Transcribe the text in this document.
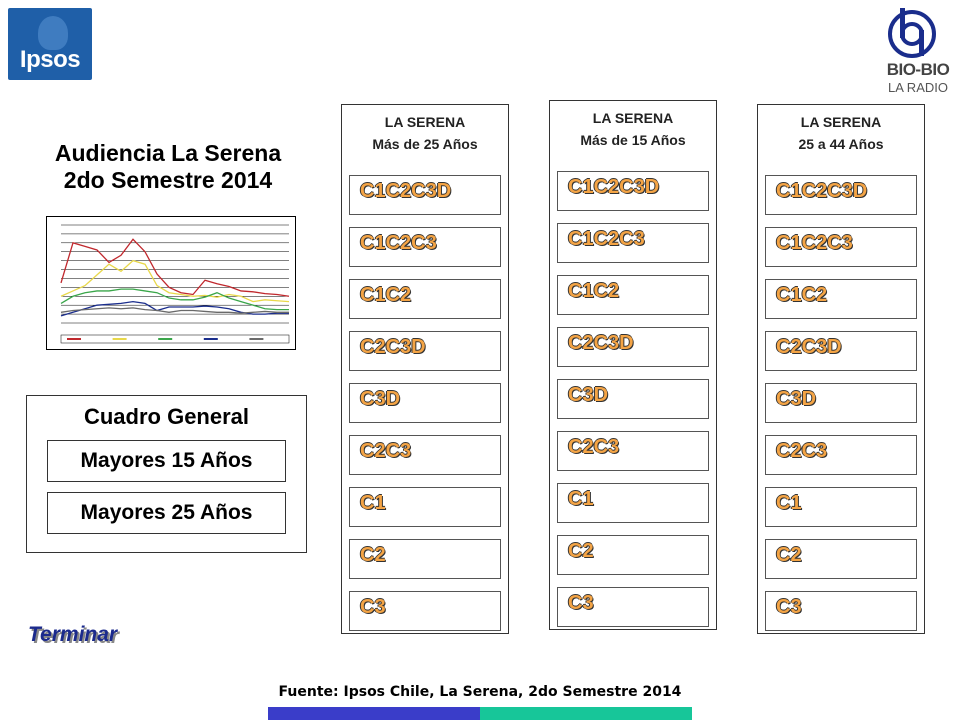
Ipsos	BIO-BIO
LA RADIO
Audiencia La Serena
2do Semestre 2014
Cuadro General
Mayores 15 Años
Mayores 25 Años
Terminar
LA SERENA
Más de 25 Años
C1C2C3D
C1C2C3
C1C2
C2C3D
C3D
C2C3
C1
C2
C3
LA SERENA
Más de 15 Años
C1C2C3D
C1C2C3
C1C2
C2C3D
C3D
C2C3
C1
C2
C3
LA SERENA
25 a 44 Años
C1C2C3D
C1C2C3
C1C2
C2C3D
C3D
C2C3
C1
C2
C3
Fuente: Ipsos Chile, La Serena, 2do Semestre 2014
